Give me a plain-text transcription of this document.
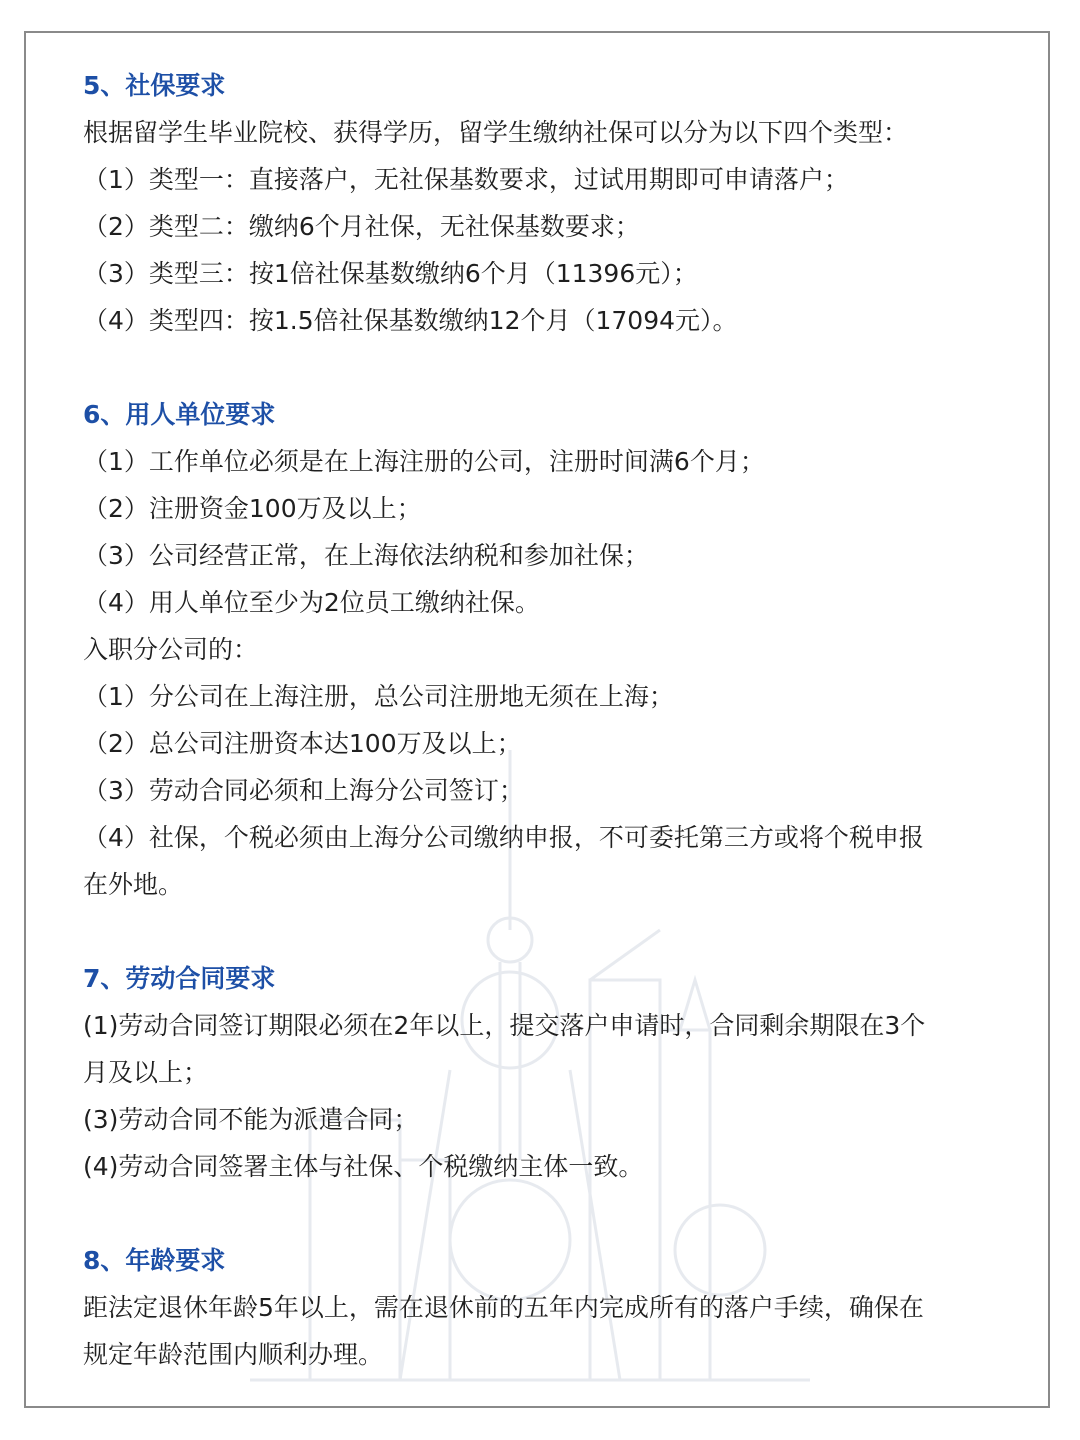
5、社保要求
根据留学生毕业院校、获得学历，留学生缴纳社保可以分为以下四个类型：
（1）类型一：直接落户，无社保基数要求，过试用期即可申请落户；
（2）类型二：缴纳6个月社保，无社保基数要求；
（3）类型三：按1倍社保基数缴纳6个月（11396元）；
（4）类型四：按1.5倍社保基数缴纳12个月（17094元）。
6、用人单位要求
（1）工作单位必须是在上海注册的公司，注册时间满6个月；
（2）注册资金100万及以上；
（3）公司经营正常，在上海依法纳税和参加社保；
（4）用人单位至少为2位员工缴纳社保。
入职分公司的：
（1）分公司在上海注册，总公司注册地无须在上海；
（2）总公司注册资本达100万及以上；
（3）劳动合同必须和上海分公司签订；
（4）社保，个税必须由上海分公司缴纳申报，不可委托第三方或将个税申报
在外地。
7、劳动合同要求
(1)劳动合同签订期限必须在2年以上，提交落户申请时，合同剩余期限在3个
月及以上；
(3)劳动合同不能为派遣合同；
(4)劳动合同签署主体与社保、个税缴纳主体一致。
8、年龄要求
距法定退休年龄5年以上，需在退休前的五年内完成所有的落户手续，确保在
规定年龄范围内顺利办理。
